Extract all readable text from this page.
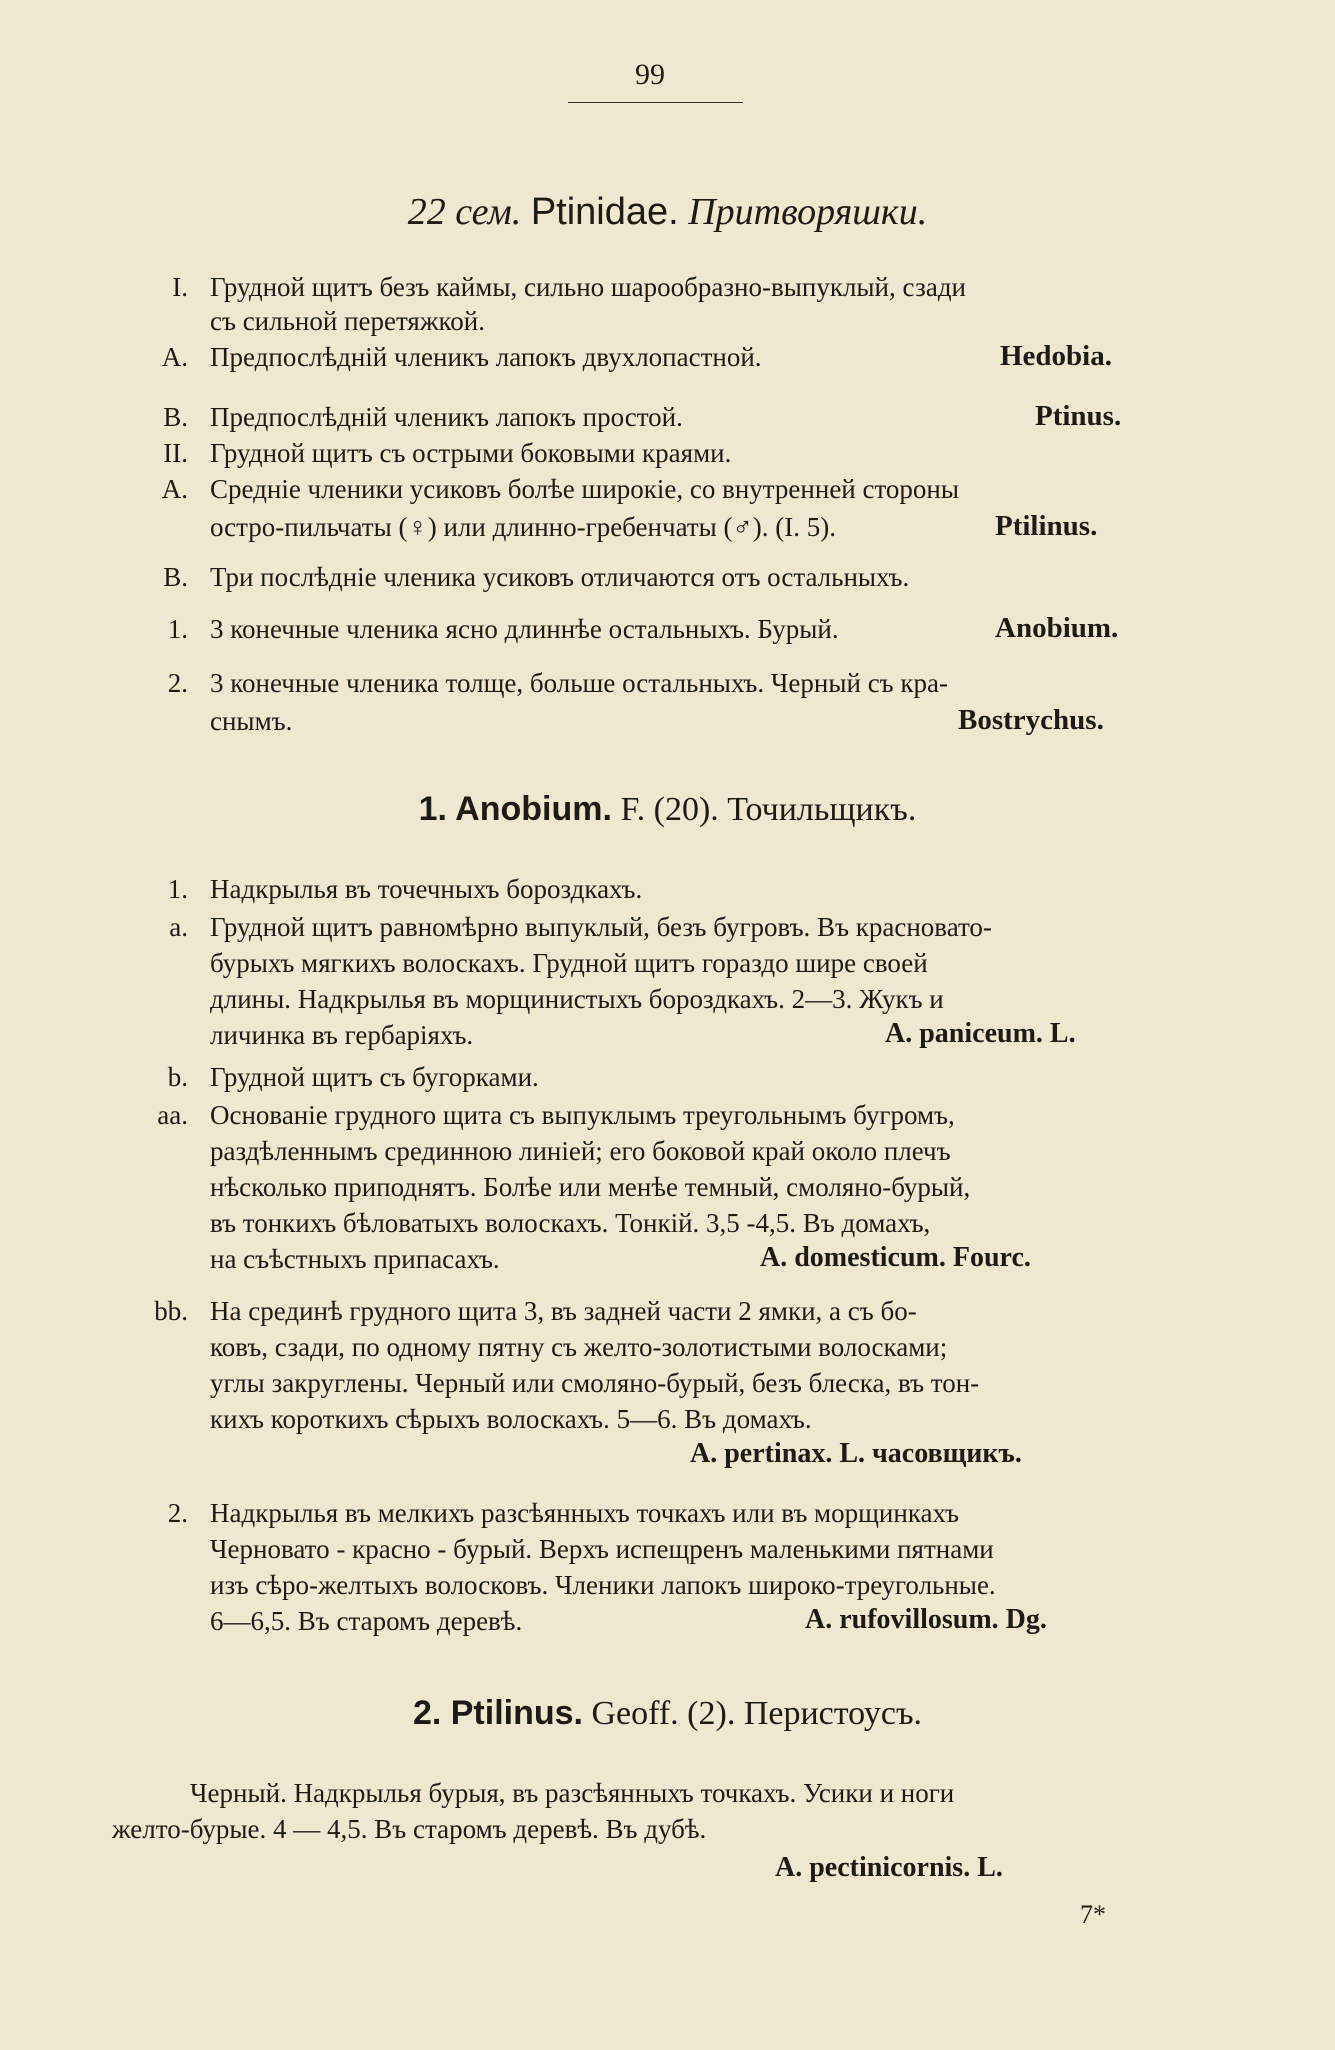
99
22 сем. Ptinidae. Притворяшки.
I. Грудной щитъ безъ каймы, сильно шарообразно-выпуклый, сзади
съ сильной перетяжкой.
A. Предпослѣдній членикъ лапокъ двухлопастной.	Hedobia.
B. Предпослѣдній членикъ лапокъ простой.	Ptinus.
II. Грудной щитъ съ острыми боковыми краями.
A. Средніе членики усиковъ болѣе широкіе, со внутренней стороны
остро-пильчаты (♀) или длинно-гребенчаты (♂). (I. 5).	Ptilinus.
B. Три послѣдніе членика усиковъ отличаются отъ остальныхъ.
1. 3 конечные членика ясно длиннѣе остальныхъ. Бурый.	Anobium.
2. 3 конечные членика толще, больше остальныхъ. Черный съ кра-
снымъ.	Bostrychus.
1. Anobium. F. (20). Точильщикъ.
1. Надкрылья въ точечныхъ бороздкахъ.
a. Грудной щитъ равномѣрно выпуклый, безъ бугровъ. Въ красновато-
бурыхъ мягкихъ волоскахъ. Грудной щитъ гораздо шире своей
длины. Надкрылья въ морщинистыхъ бороздкахъ. 2—3. Жукъ и
личинка въ гербаріяхъ.	A. paniceum. L.
b. Грудной щитъ съ бугорками.
aa. Основаніе грудного щита съ выпуклымъ треугольнымъ бугромъ,
раздѣленнымъ срединною линіей; его боковой край около плечъ
нѣсколько приподнятъ. Болѣе или менѣе темный, смоляно-бурый,
въ тонкихъ бѣловатыхъ волоскахъ. Тонкій. 3,5 -4,5. Въ домахъ,
на съѣстныхъ припасахъ.	A. domesticum. Fourc.
bb. На срединѣ грудного щита 3, въ задней части 2 ямки, а съ бо-
ковъ, сзади, по одному пятну съ желто-золотистыми волосками;
углы закруглены. Черный или смоляно-бурый, безъ блеска, въ тон-
кихъ короткихъ сѣрыхъ волоскахъ. 5—6. Въ домахъ.
A. pertinax. L. часовщикъ.
2. Надкрылья въ мелкихъ разсѣянныхъ точкахъ или въ морщинкахъ
Черновато - красно - бурый. Верхъ испещренъ маленькими пятнами
изъ сѣро-желтыхъ волосковъ. Членики лапокъ широко-треугольные.
6—6,5. Въ старомъ деревѣ.	A. rufovillosum. Dg.
2. Ptilinus. Geoff. (2). Перистоусъ.
Черный. Надкрылья бурыя, въ разсѣянныхъ точкахъ. Усики и ноги
желто-бурые. 4 — 4,5. Въ старомъ деревѣ. Въ дубѣ.
A. pectinicornis. L.
7*
